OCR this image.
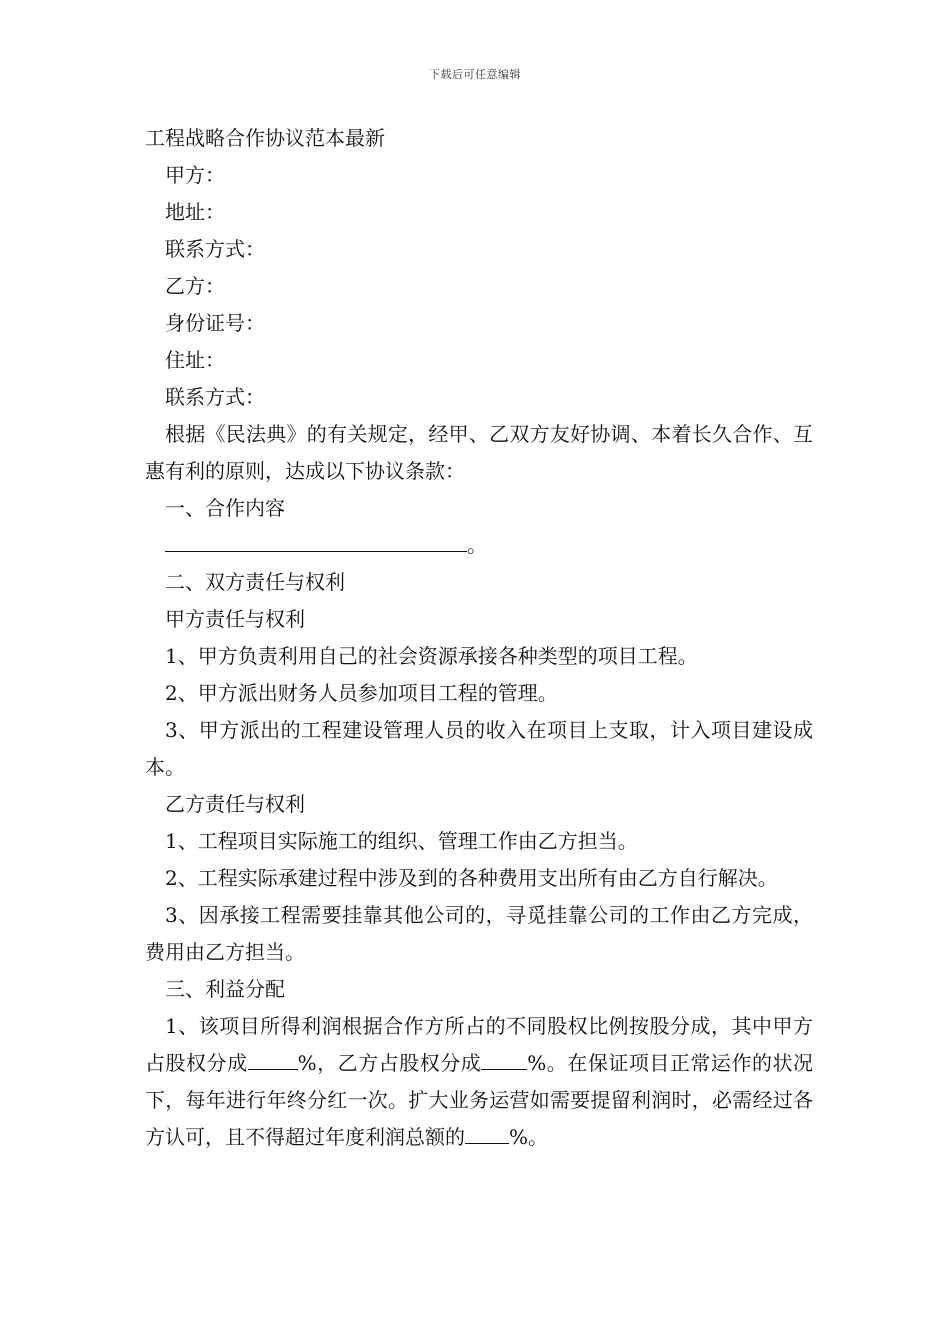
下载后可任意编辑

工程战略合作协议范本最新

甲方：

地址：

联系方式：

乙方：

身份证号：

住址：

联系方式：

根据《民法典》的有关规定，经甲、乙双方友好协调、本着长久合作、互惠有利的原则，达成以下协议条款：

一、合作内容

。

二、双方责任与权利

甲方责任与权利

1、甲方负责利用自己的社会资源承接各种类型的项目工程。

2、甲方派出财务人员参加项目工程的管理。

3、甲方派出的工程建设管理人员的收入在项目上支取，计入项目建设成本。

乙方责任与权利

1、工程项目实际施工的组织、管理工作由乙方担当。

2、工程实际承建过程中涉及到的各种费用支出所有由乙方自行解决。

3、因承接工程需要挂靠其他公司的，寻觅挂靠公司的工作由乙方完成，费用由乙方担当。

三、利益分配

1、该项目所得利润根据合作方所占的不同股权比例按股分成，其中甲方占股权分成	%，乙方占股权分成 %。在保证项目正常运作的状况下，每年进行年终分红一次。扩大业务运营如需要提留利润时，必需经过各方认可，且不得超过年度利润总额的 %。
